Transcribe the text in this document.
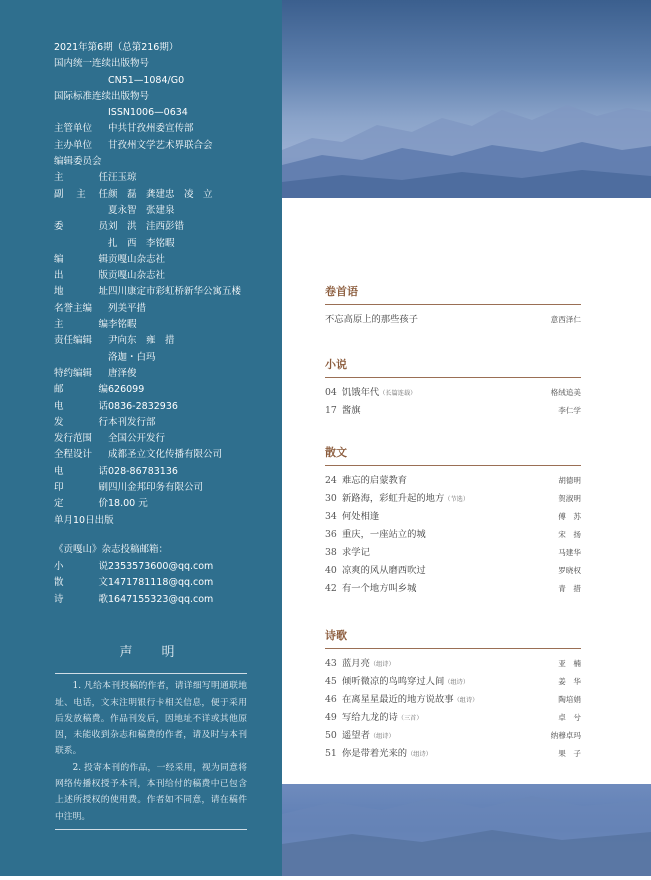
2021年第6期（总第216期）
国内统一连续出版物号
CN51—1084/G0
国际标准连续出版物号
ISSN1006—0634
主管单位	中共甘孜州委宣传部
主办单位	甘孜州文学艺术界联合会
编辑委员会
主	任 汪玉琼
副 主 任 颜　磊　龚建忠　凌　立
夏永智　张建泉
委	员 刘　洪　洼西彭错
扎　西　李铭暇
编	辑 贡嘎山杂志社
出	版 贡嘎山杂志社
地	址 四川康定市彩虹桥新华公寓五楼
名誉主编	列美平措
主	编 李铭暇
责任编辑	尹向东　雍　措
洛迦・白玛
特约编辑	唐泽俊
邮	编 626099
电	话 0836-2832936
发	行 本刊发行部
发行范围	全国公开发行
全程设计	成都圣立文化传播有限公司
电	话 028-86783136
印	刷 四川金邦印务有限公司
定	价 18.00 元
单月10日出版
《贡嘎山》杂志投稿邮箱：
小	说 2353573600@qq.com
散	文 1471781118@qq.com
诗	歌 1647155323@qq.com
声　明

1. 凡给本刊投稿的作者，请详细写明通联地址、电话，文末注明银行卡相关信息，便于采用后发放稿费。作品刊发后，因地址不详或其他原因，未能收到杂志和稿费的作者，请及时与本刊联系。

2. 投寄本刊的作品，一经采用，视为同意将网络传播权授予本刊，本刊给付的稿费中已包含上述所授权的使用费。作者如不同意，请在稿件中注明。

卷首语
不忘高原上的那些孩子	意西泽仁
小说
04 饥饿年代（长篇连载）	格绒追美
17 酱旗	李仁学
散文
24 难忘的启蒙教育	胡德明
30 新路海，彩虹升起的地方（节选）	贺淑明
34 何处相逢	傅　苏
36 重庆，一座站立的城	宋　扬
38 求学记	马建华
40 凉爽的风从磨西吹过	罗晓权
42 有一个地方叫乡城	青　措
诗歌
43 蓝月亮（组诗）	亚　楠
45 倾听微凉的鸟鸣穿过人间（组诗）	姜　华
46 在离星星最近的地方说故事（组诗）	陶培娟
49 写给九龙的诗（三首）	卓　兮
50 遥望者（组诗）	纳穆卓玛
51 你是带着光来的（组诗）	果　子
